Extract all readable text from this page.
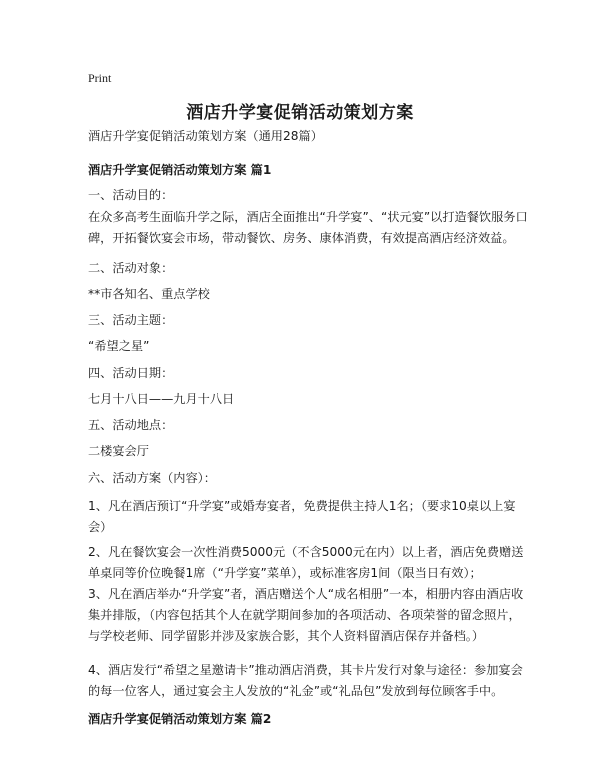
Print
酒店升学宴促销活动策划方案
酒店升学宴促销活动策划方案（通用28篇）
酒店升学宴促销活动策划方案 篇1
一、活动目的：
在众多高考生面临升学之际，酒店全面推出“升学宴”、“状元宴”以打造餐饮服务口碑，开拓餐饮宴会市场，带动餐饮、房务、康体消费，有效提高酒店经济效益。
二、活动对象：
**市各知名、重点学校
三、活动主题：
“希望之星”
四、活动日期：
七月十八日——九月十八日
五、活动地点：
二楼宴会厅
六、活动方案（内容）：
1、凡在酒店预订“升学宴”或婚寿宴者，免费提供主持人1名；（要求10桌以上宴会）
2、凡在餐饮宴会一次性消费5000元（不含5000元在内）以上者，酒店免费赠送单桌同等价位晚餐1席（“升学宴”菜单），或标准客房1间（限当日有效）；
3、凡在酒店举办“升学宴”者，酒店赠送个人“成名相册”一本，相册内容由酒店收集并排版，（内容包括其个人在就学期间参加的各项活动、各项荣誉的留念照片，与学校老师、同学留影并涉及家族合影，其个人资料留酒店保存并备档。）
4、酒店发行“希望之星邀请卡”推动酒店消费，其卡片发行对象与途径：参加宴会的每一位客人，通过宴会主人发放的“礼金”或“礼品包”发放到每位顾客手中。
酒店升学宴促销活动策划方案 篇2
